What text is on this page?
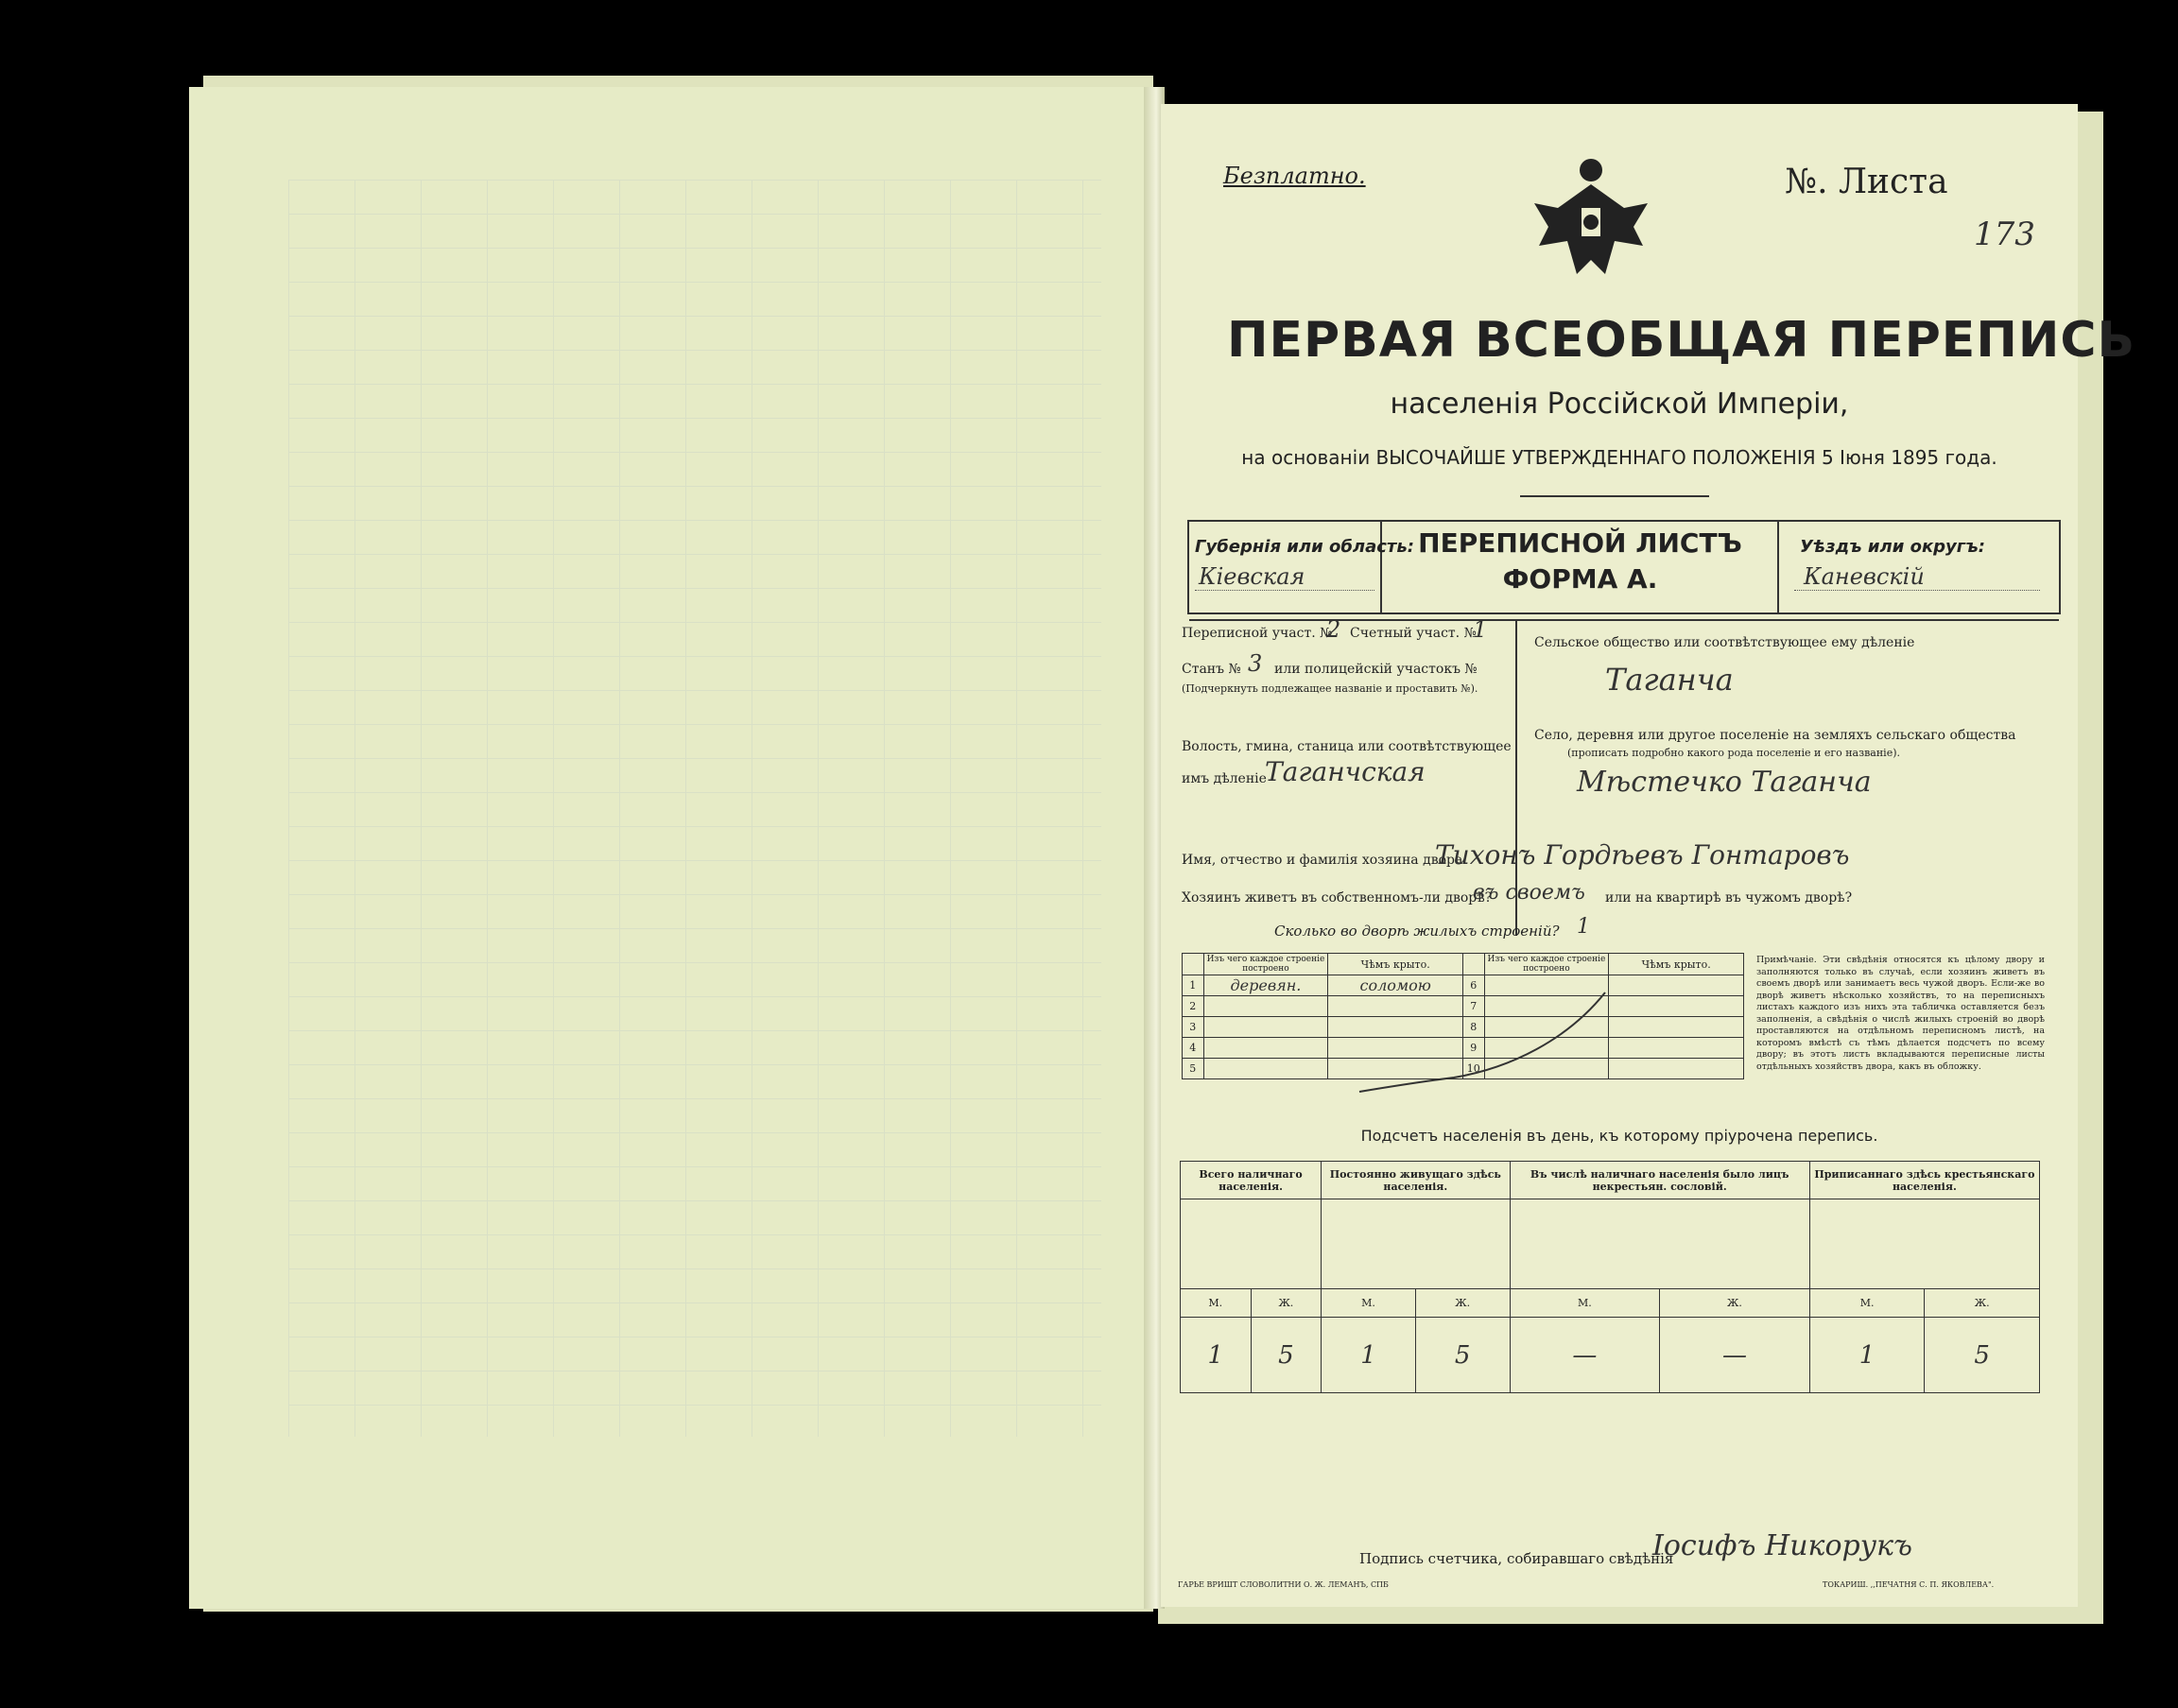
Безплатно.	№. Листа
173
ПЕРВАЯ ВСЕОБЩАЯ ПЕРЕПИСЬ
населенія Россійской Имперіи,
на основаніи ВЫСОЧАЙШЕ УТВЕРЖДЕННАГО ПОЛОЖЕНІЯ 5 Іюня 1895 года.
Губернія или область:
Кіевская
ПЕРЕПИСНОЙ ЛИСТЪ
ФОРМА А.
Уѣздъ или округъ:
Каневскій
Переписной участ. №
2 Счетный участ. №
1
Станъ № 3 или полицейскій участокъ №
(Подчеркнуть подлежащее названіе и проставить №).
Волость, гмина, станица или соотвѣтствующее
имъ дѣленіе
Таганчская
Сельское общество или соотвѣтствующее ему дѣленіе
Таганча
Село, деревня или другое поселеніе на земляхъ сельскаго общества
(прописать подробно какого рода поселеніе и его названіе).
Мѣстечко Таганча
Имя, отчество и фамилія хозяина двора
Тихонъ Гордѣевъ Гонтаровъ
Хозяинъ живетъ въ собственномъ-ли дворѣ?
въ своемъ или на квартирѣ въ чужомъ дворѣ?
Сколько во дворѣ жилыхъ строеній? 1
	Изъ чего каждое строеніе построено	Чѣмъ крыто.		Изъ чего каждое строеніе построено	Чѣмъ крыто.
1	деревян.	соломою	6		
2			7		
3			8		
4			9		
5			10		
Примѣчаніе. Эти свѣдѣнія относятся къ цѣлому двору и заполняются только въ случаѣ, если хозяинъ живетъ въ своемъ дворѣ или занимаетъ весь чужой дворъ. Если-же во дворѣ живетъ нѣсколько хозяйствъ, то на переписныхъ листахъ каждого изъ нихъ эта табличка оставляется безъ заполненія, а свѣдѣнія о числѣ жилыхъ строеній во дворѣ проставляются на отдѣльномъ переписномъ листѣ, на которомъ вмѣстѣ съ тѣмъ дѣлается подсчетъ по всему двору; въ этотъ листъ вкладываются переписные листы отдѣльныхъ хозяйствъ двора, какъ въ обложку.
Подсчетъ населенія въ день, къ которому пріурочена перепись.
Всего наличнаго населенія.		Постоянно живущаго здѣсь населенія.		Въ числѣ наличнаго населенія было лицъ некрестьян. сословій.		Приписаннаго здѣсь крестьянскаго населенія.	

М.	Ж.	М.	Ж.	М.	Ж.	М.	Ж.
1	5	1	5	—	—	1	5
Подпись счетчика, собиравшаго свѣдѣнія
Іосифъ Никорукъ
ГАРЬЕ ВРИШТ СЛОВОЛИТНИ О. Ж. ЛЕМАНЪ, СПБ	ТОКАРИШ. ,,ПЕЧАТНЯ С. П. ЯКОВЛЕВА".
